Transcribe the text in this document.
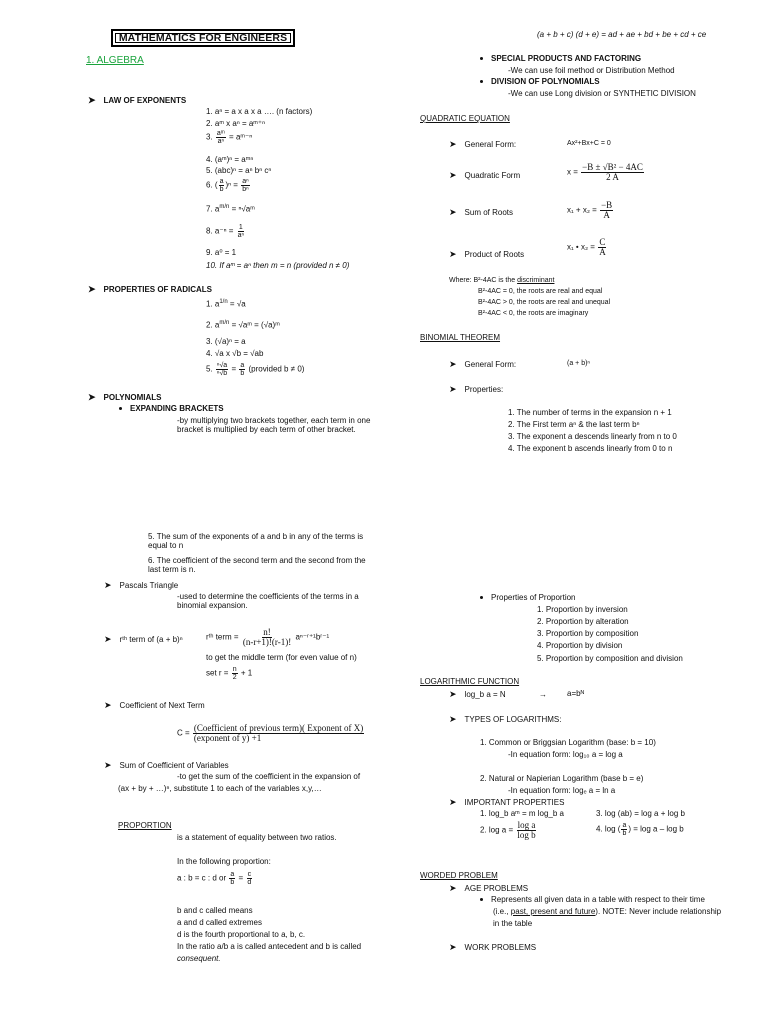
MATHEMATICS FOR ENGINEERS
1. ALGEBRA
➤ LAW OF EXPONENTS
1. aⁿ = a x a x a …. (n factors)
2. aᵐ x aⁿ = aᵐ⁺ⁿ
3. $\frac{\text{aᵐ}}{\text{aⁿ}}$ = aᵐ⁻ⁿ
4. (aᵐ)ⁿ = aᵐⁿ
5. (abc)ⁿ = aⁿ bⁿ cⁿ
6. ( $\frac{a}{b} )^n = \frac{\text{aⁿ}}{\text{bⁿ}}$
7. $a^{m/n}$ = ⁿ√aᵐ
8. $a^{-n} = \frac{1}{\text{aⁿ}}$
9. a⁰ = 1
10. If aᵐ = aⁿ then m = n (provided n ≠ 0)
➤ PROPERTIES OF RADICALS
1. $a^{1/n} = √a$
2. $a^{m/n}$ = √aᵐ = (√a)ᵐ
3. (√a)ⁿ = a
4. √a x √b = √ab
5. $\frac{\text{ⁿ√a}}{\text{ⁿ√b}} = \frac{a}{b}$ (provided b ≠ 0)
➤ POLYNOMIALS
EXPANDING BRACKETS
-by multiplying two brackets together, each term in one bracket is multiplied by each term of other bracket.
5. The sum of the exponents of a and b in any of the terms is equal to n
6. The coefficient of the second term and the second from the last term is n.
➤ Pascals Triangle
-used to determine the coefficients of the terms in a binomial expansion.
➤ rᵗʰ term of (a + b)ⁿ	rᵗʰ term = $\frac{n!}{(n-r+1)!(r-1)!}$ aⁿ⁻ʳ⁺¹bʳ⁻¹
to get the middle term (for even value of n)
set $r = \frac{n}{2} + 1$
➤ Coefficient of Next Term
$C = \frac{\text{(Coefficient of previous term)( Exponent of X)}}{\text{(exponent of y) +1}}$
➤ Sum of Coefficient of Variables
-to get the sum of the coefficient in the expansion of
(ax + by + …)ⁿ, substitute 1 to each of the variables x,y,…
PROPORTION
is a statement of equality between two ratios.
In the following proportion:
a : b = c : d or $\frac{a}{b} = \frac{c}{d}$
b and c called means
a and d called extremes
d is the fourth proportional to a, b, c.
In the ratio a/b a is called antecedent and b is called
consequent.
(a + b + c) (d + e) = ad + ae + bd + be + cd + ce
SPECIAL PRODUCTS AND FACTORING
-We can use foil method or Distribution Method
DIVISION OF POLYNOMIALS
-We can use Long division or SYNTHETIC DIVISION
QUADRATIC EQUATION
➤ General Form:	Ax²+Bx+C = 0
➤ Quadratic Form	$x = \frac{\text{−B ± √B² − 4AC}}{2 A}$
➤ Sum of Roots	$x_1 + x_2 = \frac{-B}{A}$
➤ Product of Roots
x₁ • $x_2 = \frac{C}{A}$
Where: B²-4AC is the discriminant
B²-4AC = 0, the roots are real and equal
B²-4AC > 0, the roots are real and unequal
B²-4AC < 0, the roots are imaginary
BINOMIAL THEOREM
➤ General Form:	(a + b)ⁿ
➤ Properties:
1. The number of terms in the expansion n + 1
2. The First term aⁿ & the last term bⁿ
3. The exponent a descends linearly from n to 0
4. The exponent b ascends linearly from 0 to n
Properties of Proportion
1. Proportion by inversion
2. Proportion by alteration
3. Proportion by composition
4. Proportion by division
5. Proportion by composition and division
LOGARITHMIC FUNCTION
➤ log_b a = N	→	a=bᴺ
➤ TYPES OF LOGARITHMS:
1. Common or Briggsian Logarithm (base: b = 10)
-In equation form: log₁₀ a = log a
2. Natural or Napierian Logarithm (base b = e)
-In equation form: logₑ a = ln a
➤ IMPORTANT PROPERTIES
1. log_b aᵐ = m log_b a	3. log (ab) = log a + log b
2. $\log a = \frac{\text{log a}}{\text{log b}}$	4. log ( $\frac{a}{b}$ ) = log a – log b
WORDED PROBLEM
➤ AGE PROBLEMS
Represents all given data in a table with respect to their time
(i.e., past, present and future). NOTE: Never include relationship
in the table
➤ WORK PROBLEMS
